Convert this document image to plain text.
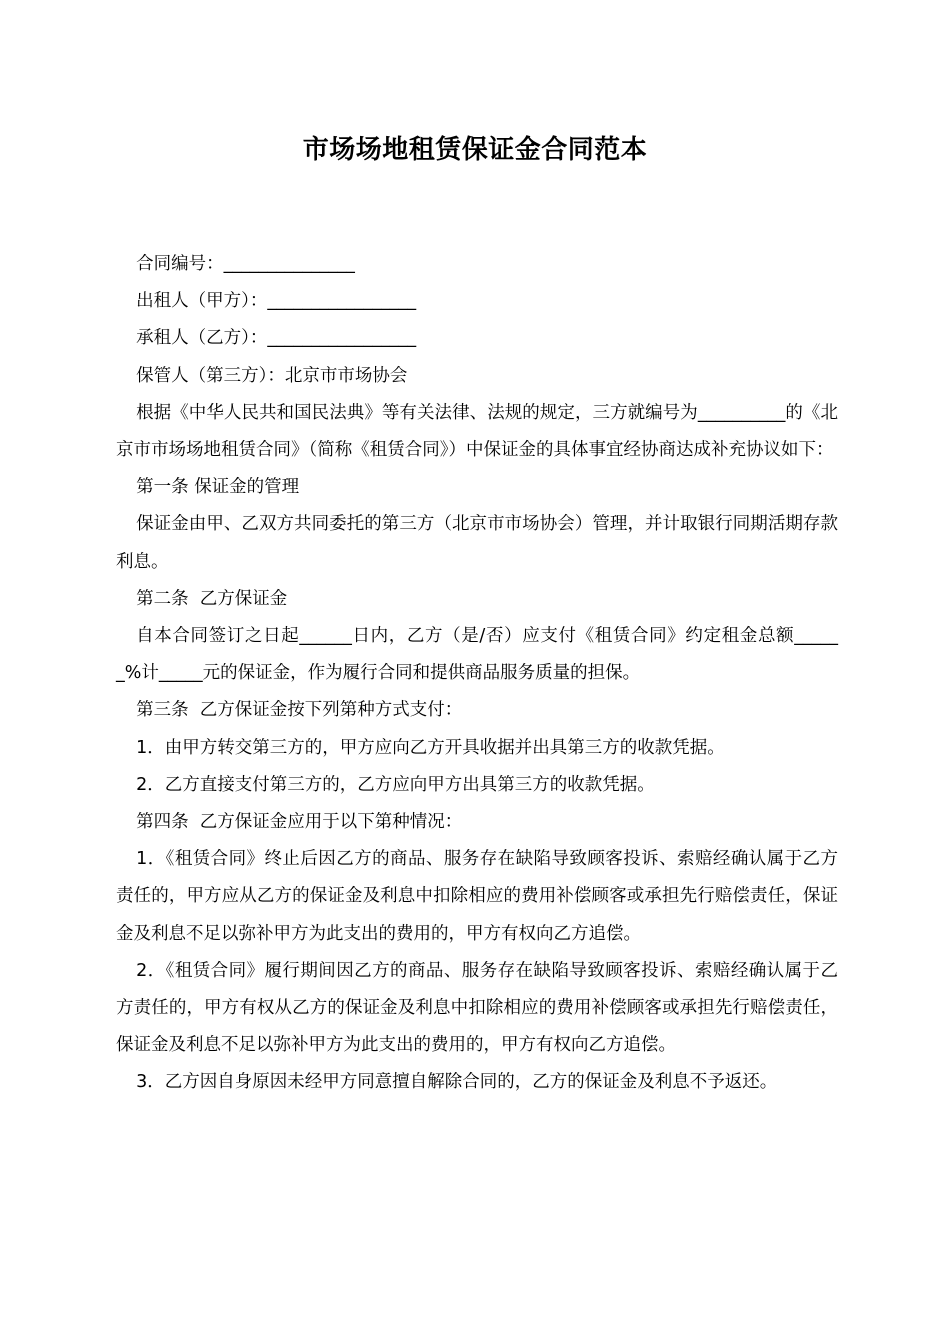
市场场地租赁保证金合同范本

合同编号：_______________

出租人（甲方）：_________________

承租人（乙方）：_________________

保管人（第三方）：北京市市场协会

根据《中华人民共和国民法典》等有关法律、法规的规定，三方就编号为__________的《北京市市场场地租赁合同》（简称《租赁合同》）中保证金的具体事宜经协商达成补充协议如下：

第一条 保证金的管理

保证金由甲、乙双方共同委托的第三方（北京市市场协会）管理，并计取银行同期活期存款利息。

第二条  乙方保证金

自本合同签订之日起______日内，乙方（是/否）应支付《租赁合同》约定租金总额______%计_____元的保证金，作为履行合同和提供商品服务质量的担保。

第三条  乙方保证金按下列第种方式支付：

1．由甲方转交第三方的，甲方应向乙方开具收据并出具第三方的收款凭据。

2．乙方直接支付第三方的，乙方应向甲方出具第三方的收款凭据。

第四条  乙方保证金应用于以下第种情况：

1．《租赁合同》终止后因乙方的商品、服务存在缺陷导致顾客投诉、索赔经确认属于乙方责任的，甲方应从乙方的保证金及利息中扣除相应的费用补偿顾客或承担先行赔偿责任，保证金及利息不足以弥补甲方为此支出的费用的，甲方有权向乙方追偿。

2．《租赁合同》履行期间因乙方的商品、服务存在缺陷导致顾客投诉、索赔经确认属于乙方责任的，甲方有权从乙方的保证金及利息中扣除相应的费用补偿顾客或承担先行赔偿责任，保证金及利息不足以弥补甲方为此支出的费用的，甲方有权向乙方追偿。

3．乙方因自身原因未经甲方同意擅自解除合同的，乙方的保证金及利息不予返还。
